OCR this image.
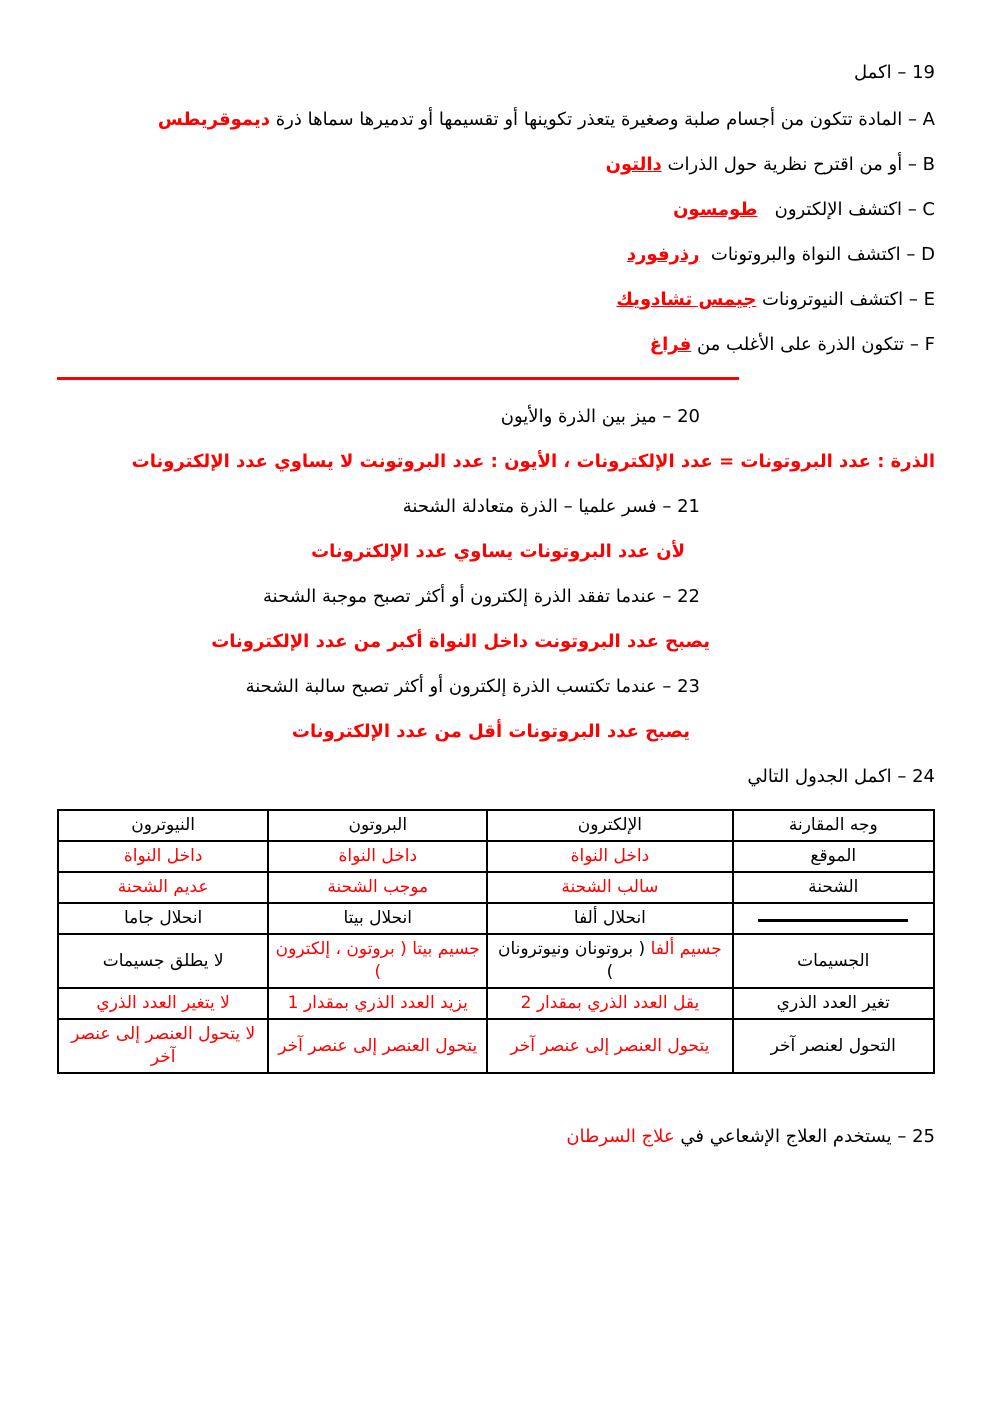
19 – اكمل
A – المادة تتكون من أجسام صلبة وصغيرة يتعذر تكوينها أو تقسيمها أو تدميرها سماها ذرة ديموقريطس
B – أو من اقترح نظرية حول الذرات دالتون
C – اكتشف الإلكترون   طومسون
D – اكتشف النواة والبروتونات  رذرفورد
E – اكتشف النيوترونات جيمس تشادويك
F – تتكون الذرة على الأغلب من فراغ
20 – ميز بين الذرة والأيون
الذرة : عدد البروتونات = عدد الإلكترونات ، الأيون : عدد البروتونت لا يساوي عدد الإلكترونات
21 – فسر علميا – الذرة متعادلة الشحنة
لأن عدد البروتونات يساوي عدد الإلكترونات
22 – عندما تفقد الذرة إلكترون أو أكثر تصبح موجبة الشحنة
يصبح عدد البروتونت داخل النواة أكبر من عدد الإلكترونات
23 – عندما تكتسب الذرة إلكترون أو أكثر تصبح سالبة الشحنة
يصبح عدد البروتونات أقل من عدد الإلكترونات
24 – اكمل الجدول التالي
وجه المقارنة	الإلكترون	البروتون	النيوترون
الموقع	داخل النواة	داخل النواة	داخل النواة
الشحنة	سالب الشحنة	موجب الشحنة	عديم الشحنة

	انحلال ألفا	انحلال بيتا	انحلال جاما
الجسيمات	جسيم ألفا ( بروتونان ونيوترونان )	جسيم بيتا ( بروتون ، إلكترون )	لا يطلق جسيمات
تغير العدد الذري	يقل العدد الذري بمقدار 2	يزيد العدد الذري بمقدار 1	لا يتغير العدد الذري
التحول لعنصر آخر	يتحول العنصر إلى عنصر آخر	يتحول العنصر إلى عنصر آخر	لا يتحول العنصر إلى عنصر آخر
25 – يستخدم العلاج الإشعاعي في علاج السرطان
